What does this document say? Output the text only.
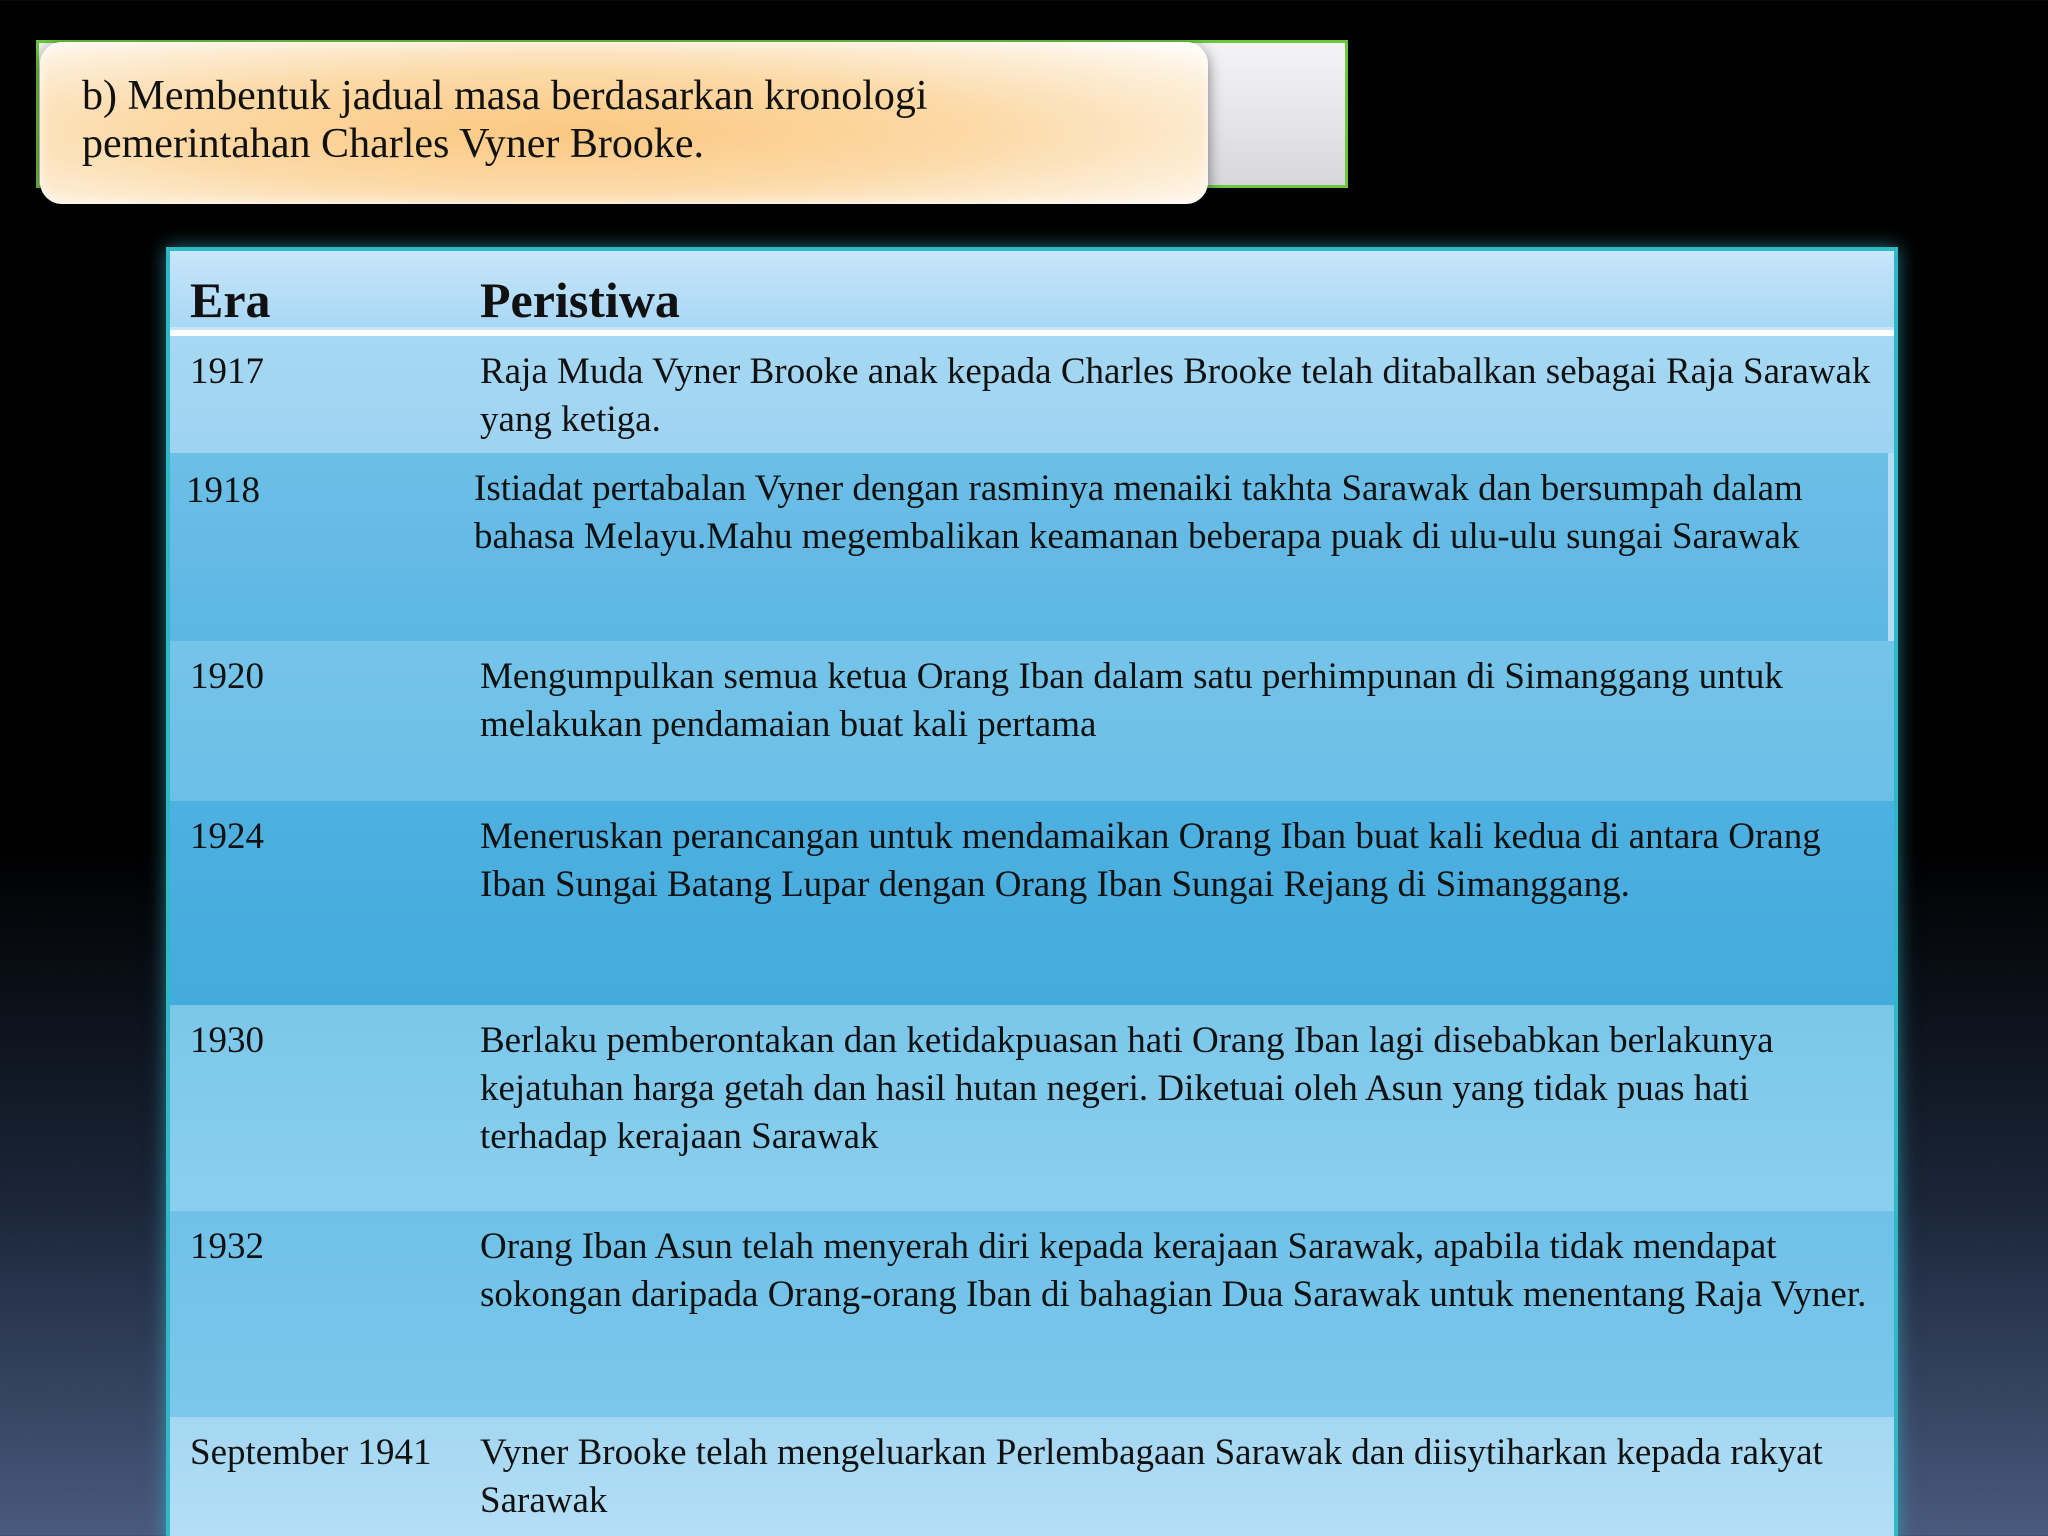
b) Membentuk jadual masa berdasarkan kronologi
pemerintahan Charles Vyner Brooke.
Era	Peristiwa
1917	Raja Muda Vyner Brooke anak kepada Charles Brooke telah ditabalkan sebagai Raja Sarawak yang ketiga.
1918	Istiadat pertabalan Vyner dengan rasminya menaiki takhta Sarawak dan bersumpah dalam bahasa Melayu.Mahu megembalikan keamanan beberapa puak di ulu-ulu sungai Sarawak
1920	Mengumpulkan semua ketua Orang Iban dalam satu perhimpunan di Simanggang untuk melakukan pendamaian buat kali pertama
1924	Meneruskan perancangan untuk mendamaikan Orang Iban buat kali kedua di antara Orang Iban Sungai Batang Lupar dengan Orang Iban Sungai Rejang di Simanggang.
1930	Berlaku pemberontakan dan ketidakpuasan hati Orang Iban lagi disebabkan berlakunya kejatuhan harga getah dan hasil hutan negeri. Diketuai oleh Asun yang tidak puas hati terhadap kerajaan Sarawak
1932	Orang Iban Asun telah menyerah diri kepada kerajaan Sarawak, apabila tidak mendapat sokongan daripada Orang-orang Iban di bahagian Dua Sarawak untuk menentang Raja Vyner.
September 1941	Vyner Brooke telah mengeluarkan Perlembagaan Sarawak dan diisytiharkan kepada rakyat Sarawak
